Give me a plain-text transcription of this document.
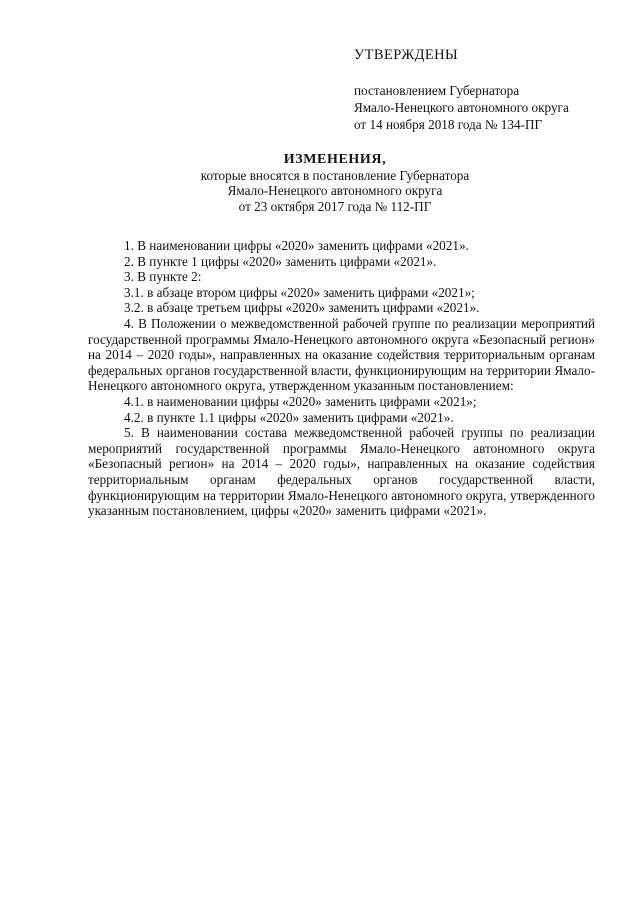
УТВЕРЖДЕНЫ
постановлением Губернатора
Ямало-Ненецкого автономного округа
от 14 ноября 2018 года № 134-ПГ
ИЗМЕНЕНИЯ,
которые вносятся в постановление Губернатора
Ямало-Ненецкого автономного округа
от 23 октября 2017 года № 112-ПГ

1. В наименовании цифры «2020» заменить цифрами «2021».

2. В пункте 1 цифры «2020» заменить цифрами «2021».

3. В пункте 2:

3.1. в абзаце втором цифры «2020» заменить цифрами «2021»;

3.2. в абзаце третьем цифры «2020» заменить цифрами «2021».

4. В Положении о межведомственной рабочей группе по реализации мероприятий государственной программы Ямало-Ненецкого автономного округа «Безопасный регион» на 2014 – 2020 годы», направленных на оказание содействия территориальным органам федеральных органов государственной власти, функционирующим на территории Ямало-Ненецкого автономного округа, утвержденном указанным постановлением:

4.1. в наименовании цифры «2020» заменить цифрами «2021»;

4.2. в пункте 1.1 цифры «2020» заменить цифрами «2021».

5. В наименовании состава межведомственной рабочей группы по реализации мероприятий государственной программы Ямало-Ненецкого автономного округа «Безопасный регион» на 2014 – 2020 годы», направленных на оказание содействия территориальным органам федеральных органов государственной власти, функционирующим на территории Ямало-Ненецкого автономного округа, утвержденного указанным постановлением, цифры «2020» заменить цифрами «2021».
